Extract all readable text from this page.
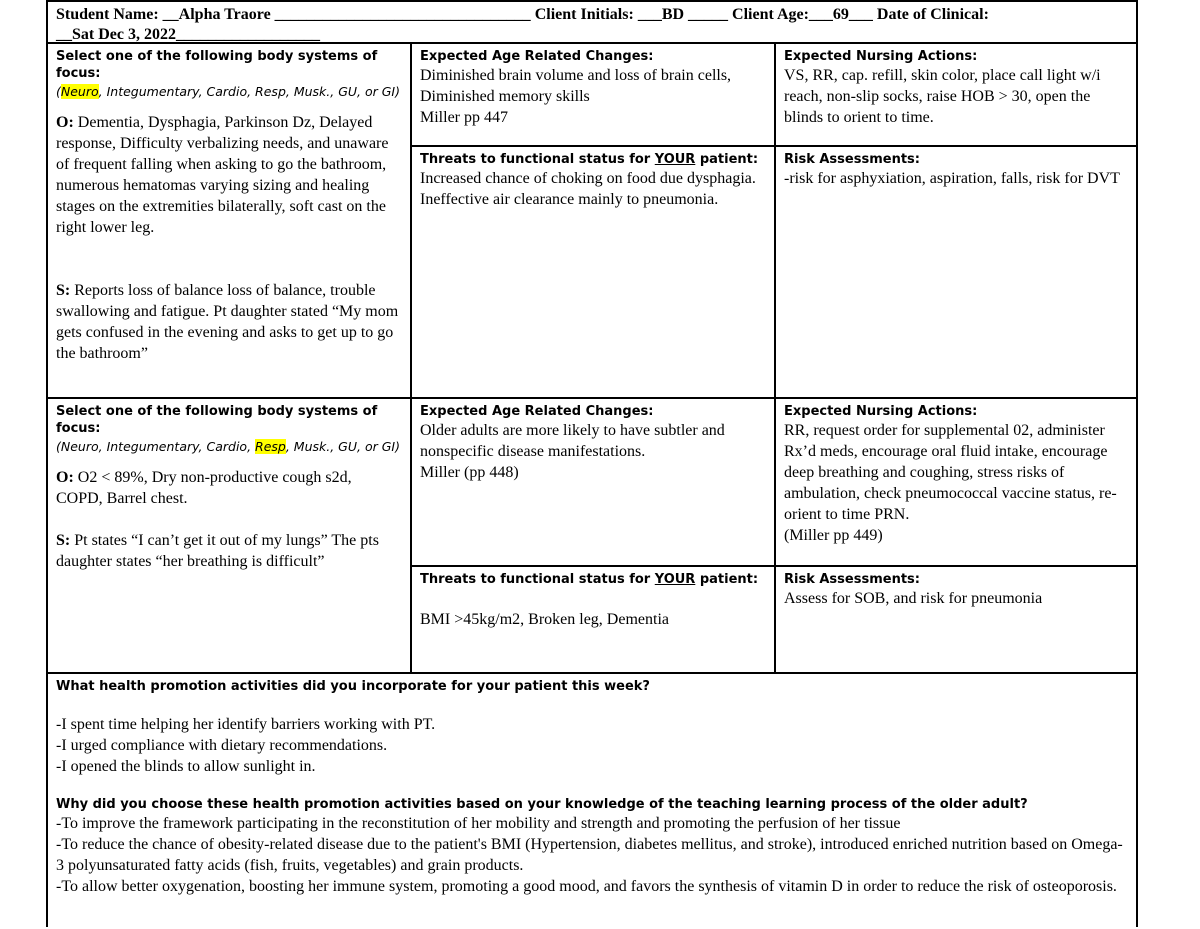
Student Name: __Alpha Traore ________________________________ Client Initials: ___BD _____ Client Age:___69___ Date of Clinical:
__Sat Dec 3, 2022__________________

Select one of the following body systems of focus:

(Neuro, Integumentary, Cardio, Resp, Musk., GU, or GI)

O: Dementia, Dysphagia, Parkinson Dz, Delayed response, Difficulty verbalizing needs, and unaware of frequent falling when asking to go the bathroom, numerous hematomas varying sizing and healing stages on the extremities bilaterally, soft cast on the right lower leg.

S: Reports loss of balance loss of balance, trouble swallowing and fatigue. Pt daughter stated “My mom gets confused in the evening and asks to get up to go the bathroom”

Expected Age Related Changes:

Diminished brain volume and loss of brain cells, Diminished memory skills

Miller pp 447

Expected Nursing Actions:

VS, RR, cap. refill, skin color, place call light w/i reach, non-slip socks, raise HOB > 30, open the blinds to orient to time.

Threats to functional status for YOUR patient:

Increased chance of choking on food due dysphagia. Ineffective air clearance mainly to pneumonia.

Risk Assessments:

-risk for asphyxiation, aspiration, falls, risk for DVT

Select one of the following body systems of focus:

(Neuro, Integumentary, Cardio, Resp, Musk., GU, or GI)

O: O2 < 89%, Dry non-productive cough s2d, COPD, Barrel chest.

S: Pt states “I can’t get it out of my lungs” The pts daughter states “her breathing is difficult”

Expected Age Related Changes:

Older adults are more likely to have subtler and nonspecific disease manifestations.

Miller (pp 448)

Expected Nursing Actions:

RR, request order for supplemental 02, administer Rx’d meds, encourage oral fluid intake, encourage deep breathing and coughing, stress risks of ambulation, check pneumococcal vaccine status, re-orient to time PRN.

(Miller pp 449)

Threats to functional status for YOUR patient:

BMI >45kg/m2, Broken leg, Dementia

Risk Assessments:

Assess for SOB, and risk for pneumonia

What health promotion activities did you incorporate for your patient this week?

-I spent time helping her identify barriers working with PT.

-I urged compliance with dietary recommendations.

-I opened the blinds to allow sunlight in.

Why did you choose these health promotion activities based on your knowledge of the teaching learning process of the older adult?

-To improve the framework participating in the reconstitution of her mobility and strength and promoting the perfusion of her tissue

-To reduce the chance of obesity-related disease due to the patient's BMI (Hypertension, diabetes mellitus, and stroke), introduced enriched nutrition based on Omega-3 polyunsaturated fatty acids (fish, fruits, vegetables) and grain products.

-To allow better oxygenation, boosting her immune system, promoting a good mood, and favors the synthesis of vitamin D in order to reduce the risk of osteoporosis.
